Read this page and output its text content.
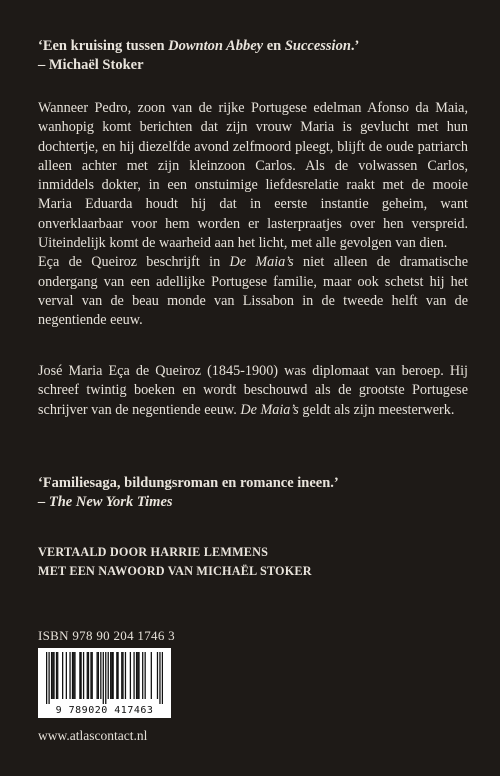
‘Een kruising tussen Downton Abbey en Succession.’
– Michaël Stoker

Wanneer Pedro, zoon van de rijke Portugese edelman Afonso da Maia, wanhopig komt berichten dat zijn vrouw Maria is gevlucht met hun dochtertje, en hij diezelfde avond zelfmoord pleegt, blijft de oude patriarch alleen achter met zijn kleinzoon Carlos. Als de volwassen Carlos, inmiddels dokter, in een onstuimige liefdesrelatie raakt met de mooie Maria Eduarda houdt hij dat in eerste instantie geheim, want onverklaarbaar voor hem worden er lasterpraatjes over hen verspreid. Uiteindelijk komt de waarheid aan het licht, met alle gevolgen van dien.

Eça de Queiroz beschrijft in De Maia’s niet alleen de dramatische ondergang van een adellijke Portugese familie, maar ook schetst hij het verval van de beau monde van Lissabon in de tweede helft van de negentiende eeuw.

José Maria Eça de Queiroz (1845-1900) was diplomaat van beroep. Hij schreef twintig boeken en wordt beschouwd als de grootste Portugese schrijver van de negentiende eeuw. De Maia’s geldt als zijn meesterwerk.

‘Familiesaga, bildungsroman en romance ineen.’
– The New York Times
VERTAALD DOOR HARRIE LEMMENS
MET EEN NAWOORD VAN MICHAËL STOKER
ISBN 978 90 204 1746 3
9 789020 417463
www.atlascontact.nl
